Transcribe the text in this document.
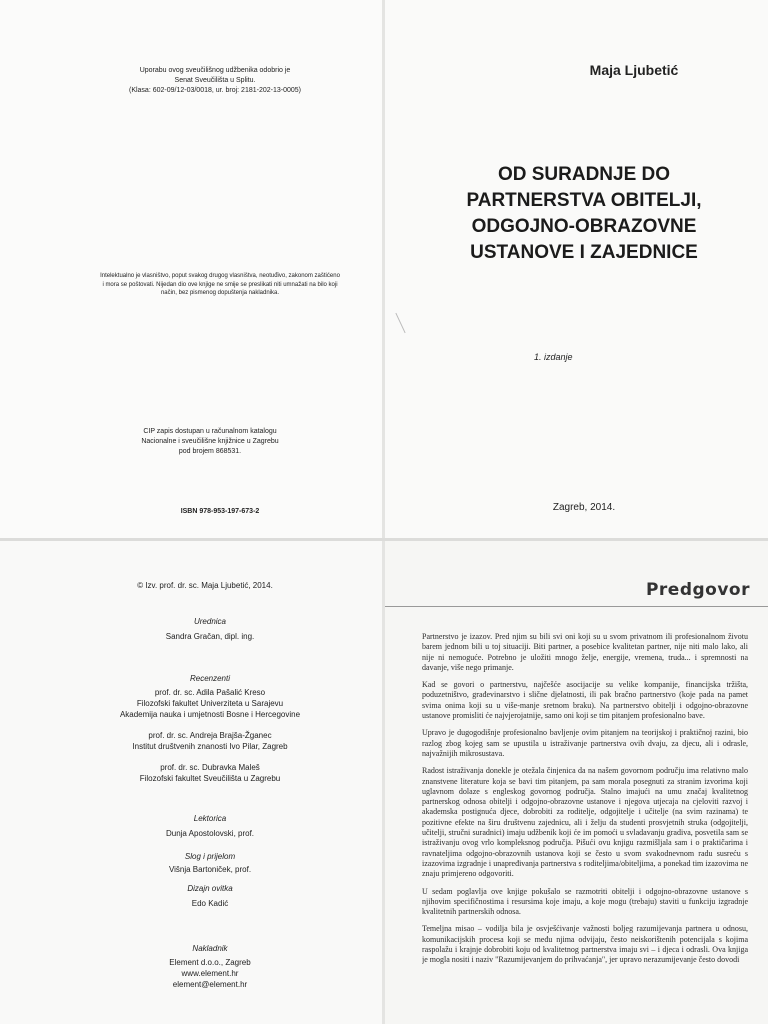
Uporabu ovog sveučilišnog udžbenika odobrio je
Senat Sveučilišta u Splitu.
(Klasa: 602-09/12-03/0018, ur. broj: 2181-202-13-0005)
Intelektualno je vlasništvo, poput svakog drugog vlasništva, neotuđivo, zakonom zaštićeno
i mora se poštovati. Nijedan dio ove knjige ne smije se preslikati niti umnažati na bilo koji
način, bez pismenog dopuštenja nakladnika.
CIP zapis dostupan u računalnom katalogu
Nacionalne i sveučilišne knjižnice u Zagrebu
pod brojem 868531.
ISBN 978-953-197-673-2
Maja Ljubetić
OD SURADNJE DO
PARTNERSTVA OBITELJI,
ODGOJNO-OBRAZOVNE
USTANOVE I ZAJEDNICE
1. izdanje
Zagreb, 2014.
© Izv. prof. dr. sc. Maja Ljubetić, 2014.
Urednica
Sandra Gračan, dipl. ing.
Recenzenti
prof. dr. sc. Adila Pašalić Kreso
Filozofski fakultet Univerziteta u Sarajevu
Akademija nauka i umjetnosti Bosne i Hercegovine
prof. dr. sc. Andreja Brajša-Žganec
Institut društvenih znanosti Ivo Pilar, Zagreb
prof. dr. sc. Dubravka Maleš
Filozofski fakultet Sveučilišta u Zagrebu
Lektorica
Dunja Apostolovski, prof.
Slog i prijelom
Višnja Bartoniček, prof.
Dizajn ovitka
Edo Kadić
Nakladnik
Element d.o.o., Zagreb
www.element.hr
element@element.hr
Predgovor

Partnerstvo je izazov. Pred njim su bili svi oni koji su u svom privatnom ili profesionalnom životu barem jednom bili u toj situaciji. Biti partner, a posebice kvalitetan partner, nije niti malo lako, ali nije ni nemoguće. Potrebno je uložiti mnogo želje, energije, vremena, truda... i spremnosti na davanje, više nego primanje.

Kad se govori o partnerstvu, najčešće asocijacije su velike kompanije, financijska tržišta, poduzetništvo, građevinarstvo i slične djelatnosti, ili pak bračno partnerstvo (koje pada na pamet svima onima koji su u više-manje sretnom braku). Na partnerstvo obitelji i odgojno-obrazovne ustanove promisliti će najvjerojatnije, samo oni koji se tim pitanjem profesionalno bave.

Upravo je dugogodišnje profesionalno bavljenje ovim pitanjem na teorijskoj i praktičnoj razini, bio razlog zbog kojeg sam se upustila u istraživanje partnerstva ovih dvaju, za djecu, ali i odrasle, najvažnijih mikrosustava.

Radost istraživanja donekle je otežala činjenica da na našem govornom području ima relativno malo znanstvene literature koja se bavi tim pitanjem, pa sam morala posegnuti za stranim izvorima koji uglavnom dolaze s engleskog govornog područja. Stalno imajući na umu značaj kvalitetnog partnerskog odnosa obitelji i odgojno-obrazovne ustanove i njegova utjecaja na cjeloviti razvoj i akademska postignuća djece, dobrobiti za roditelje, odgojitelje i učitelje (na svim razinama) te pozitivne efekte na širu društvenu zajednicu, ali i želju da studenti prosvjetnih struka (odgojitelji, učitelji, stručni suradnici) imaju udžbenik koji će im pomoći u svladavanju gradiva, posvetila sam se istraživanju ovog vrlo kompleksnog područja. Pišući ovu knjigu razmišljala sam i o praktičarima i ravnateljima odgojno-obrazovnih ustanova koji se često u svom svakodnevnom radu susreću s izazovima izgradnje i unapređivanja partnerstva s roditeljima/obiteljima, a ponekad tim izazovima ne znaju primjereno odgovoriti.

U sedam poglavlja ove knjige pokušalo se razmotriti obitelji i odgojno-obrazovne ustanove s njihovim specifičnostima i resursima koje imaju, a koje mogu (trebaju) staviti u funkciju izgradnje kvalitetnih partnerskih odnosa.

Temeljna misao – vodilja bila je osvješćivanje važnosti boljeg razumijevanja partnera u odnosu, komunikacijskih procesa koji se među njima odvijaju, često neiskorištenih potencijala s kojima raspolažu i krajnje dobrobiti koju od kvalitetnog partnerstva imaju svi – i djeca i odrasli. Ova knjiga je mogla nositi i naziv "Razumijevanjem do prihvaćanja", jer upravo nerazumijevanje često dovodi
